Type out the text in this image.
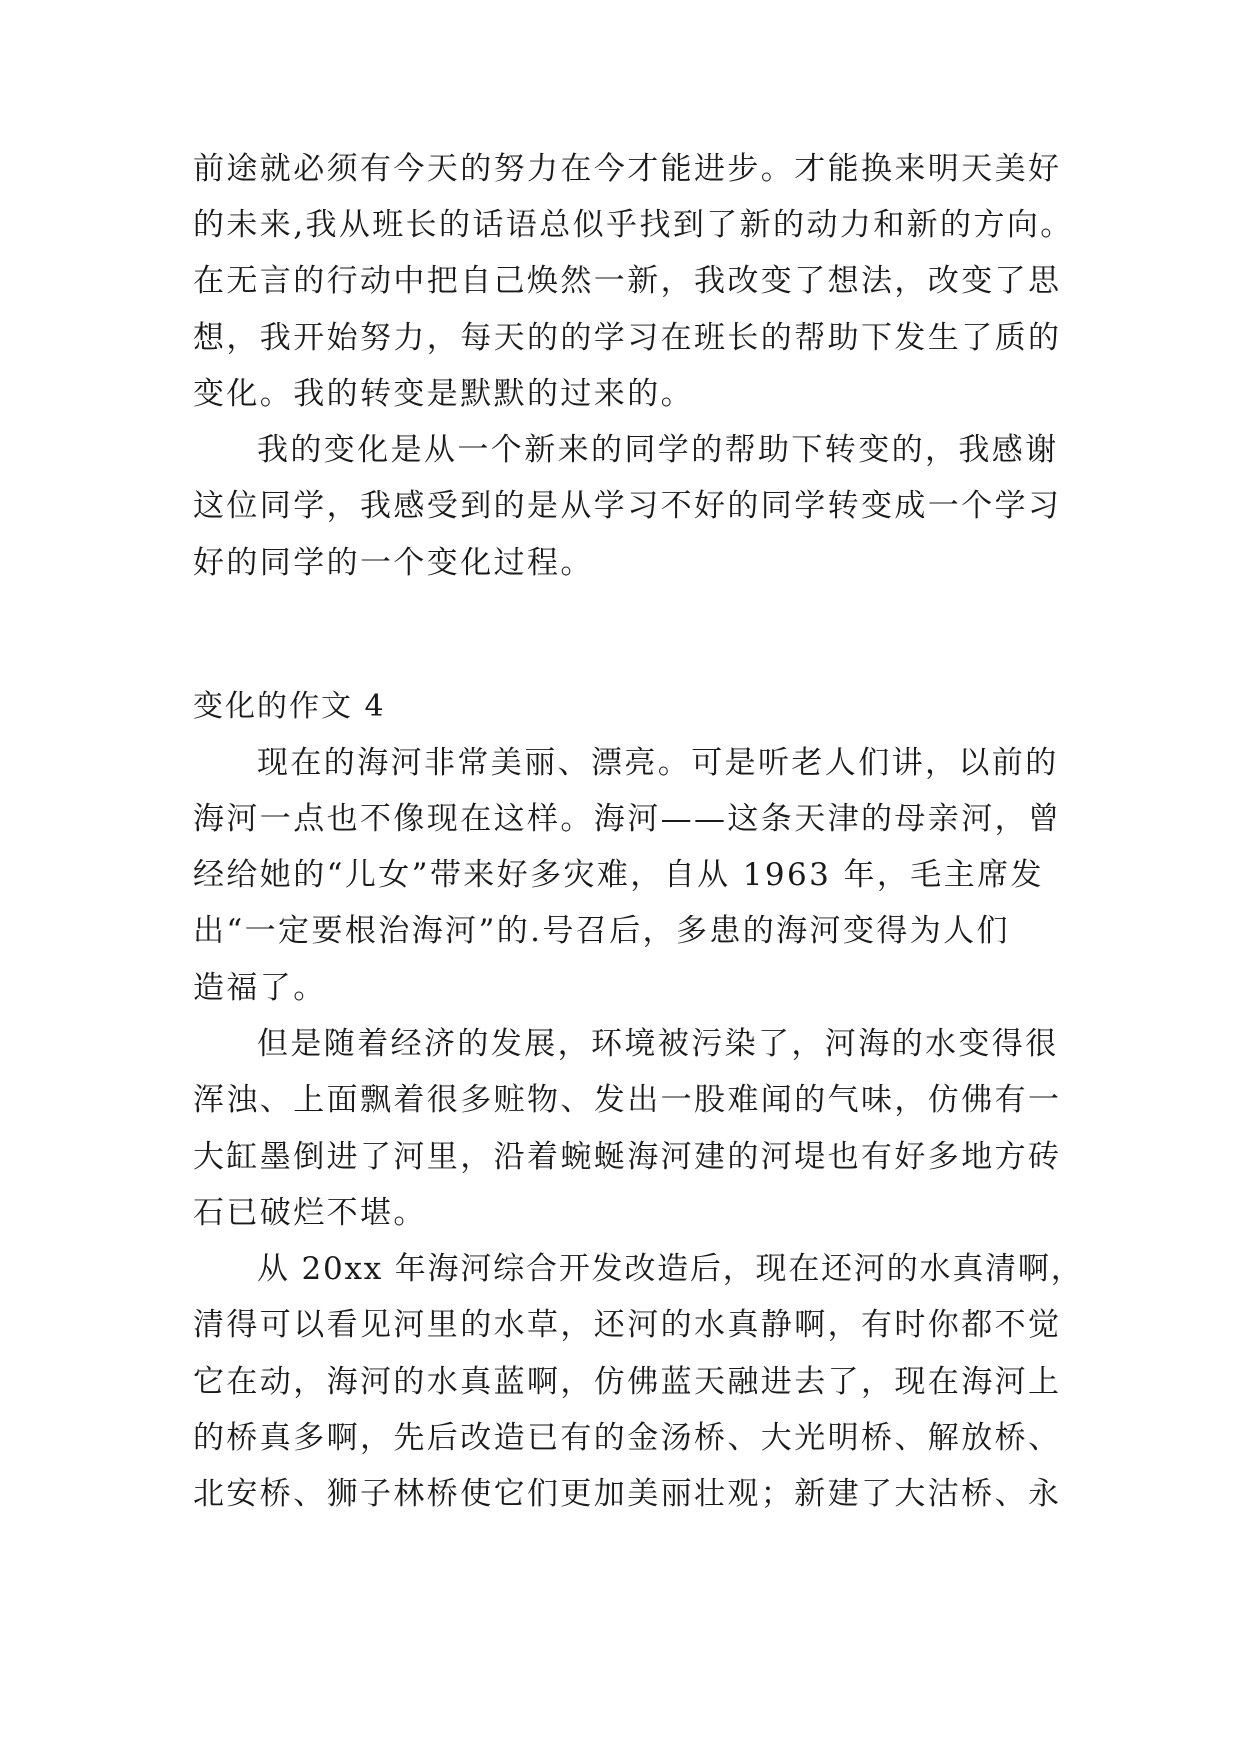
前途就必须有今天的努力在今才能进步。才能换来明天美好
的未来,我从班长的话语总似乎找到了新的动力和新的方向。
在无言的行动中把自己焕然一新，我改变了想法，改变了思
想，我开始努力，每天的的学习在班长的帮助下发生了质的
变化。我的转变是默默的过来的。
我的变化是从一个新来的同学的帮助下转变的，我感谢
这位同学，我感受到的是从学习不好的同学转变成一个学习
好的同学的一个变化过程。
变化的作文 4
现在的海河非常美丽、漂亮。可是听老人们讲，以前的
海河一点也不像现在这样。海河——这条天津的母亲河，曾
经给她的“儿女”带来好多灾难，自从 1963 年，毛主席发
出“一定要根治海河”的.号召后，多患的海河变得为人们
造福了。
但是随着经济的发展，环境被污染了，河海的水变得很
浑浊、上面飘着很多赃物、发出一股难闻的气味，仿佛有一
大缸墨倒进了河里，沿着蜿蜒海河建的河堤也有好多地方砖
石已破烂不堪。
从 20xx 年海河综合开发改造后，现在还河的水真清啊，
清得可以看见河里的水草，还河的水真静啊，有时你都不觉
它在动，海河的水真蓝啊，仿佛蓝天融进去了，现在海河上
的桥真多啊，先后改造已有的金汤桥、大光明桥、解放桥、
北安桥、狮子林桥使它们更加美丽壮观；新建了大沽桥、永
